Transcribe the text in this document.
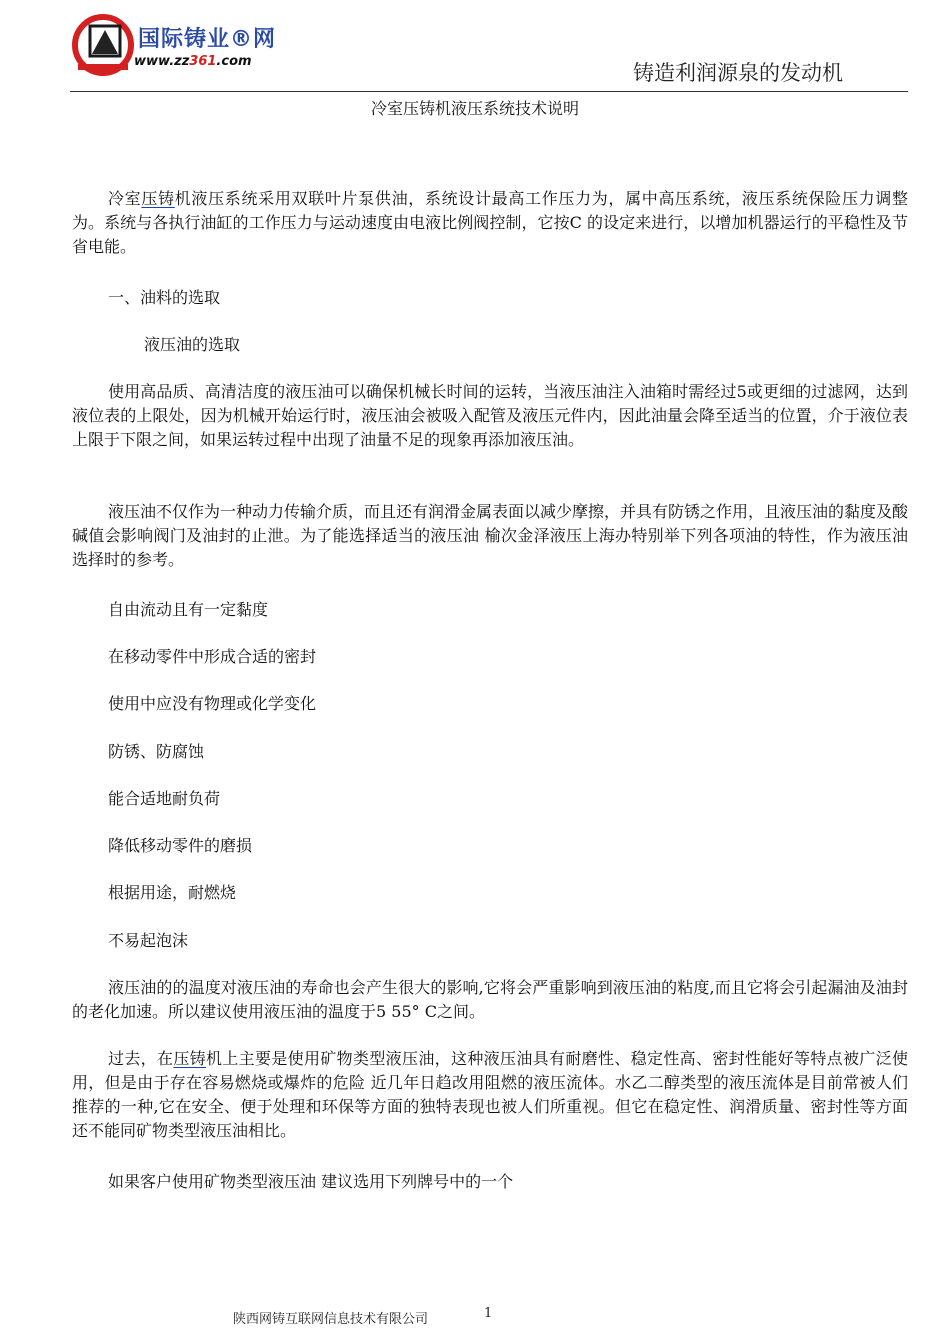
国际铸业®网
www.zz361.com	铸造利润源泉的发动机
冷室压铸机液压系统技术说明

冷室压铸机液压系统采用双联叶片泵供油，系统设计最高工作压力为，属中高压系统，液压系统保险压力调整为。系统与各执行油缸的工作压力与运动速度由电液比例阀控制，它按C 的设定来进行，以增加机器运行的平稳性及节省电能。

一、油料的选取

液压油的选取

使用高品质、高清洁度的液压油可以确保机械长时间的运转，当液压油注入油箱时需经过5或更细的过滤网，达到液位表的上限处，因为机械开始运行时，液压油会被吸入配管及液压元件内，因此油量会降至适当的位置，介于液位表上限于下限之间，如果运转过程中出现了油量不足的现象再添加液压油。

液压油不仅作为一种动力传输介质，而且还有润滑金属表面以减少摩擦，并具有防锈之作用，且液压油的黏度及酸碱值会影响阀门及油封的止泄。为了能选择适当的液压油 榆次金泽液压上海办特别举下列各项油的特性，作为液压油选择时的参考。

自由流动且有一定黏度

在移动零件中形成合适的密封

使用中应没有物理或化学变化

防锈、防腐蚀

能合适地耐负荷

降低移动零件的磨损

根据用途，耐燃烧

不易起泡沫

液压油的的温度对液压油的寿命也会产生很大的影响,它将会严重影响到液压油的粘度,而且它将会引起漏油及油封的老化加速。所以建议使用液压油的温度于5 55° C之间。

过去，在压铸机上主要是使用矿物类型液压油，这种液压油具有耐磨性、稳定性高、密封性能好等特点被广泛使用，但是由于存在容易燃烧或爆炸的危险 近几年日趋改用阻燃的液压流体。水乙二醇类型的液压流体是目前常被人们推荐的一种,它在安全、便于处理和环保等方面的独特表现也被人们所重视。但它在稳定性、润滑质量、密封性等方面还不能同矿物类型液压油相比。

如果客户使用矿物类型液压油 建议选用下列牌号中的一个

陕西网铸互联网信息技术有限公司	1
